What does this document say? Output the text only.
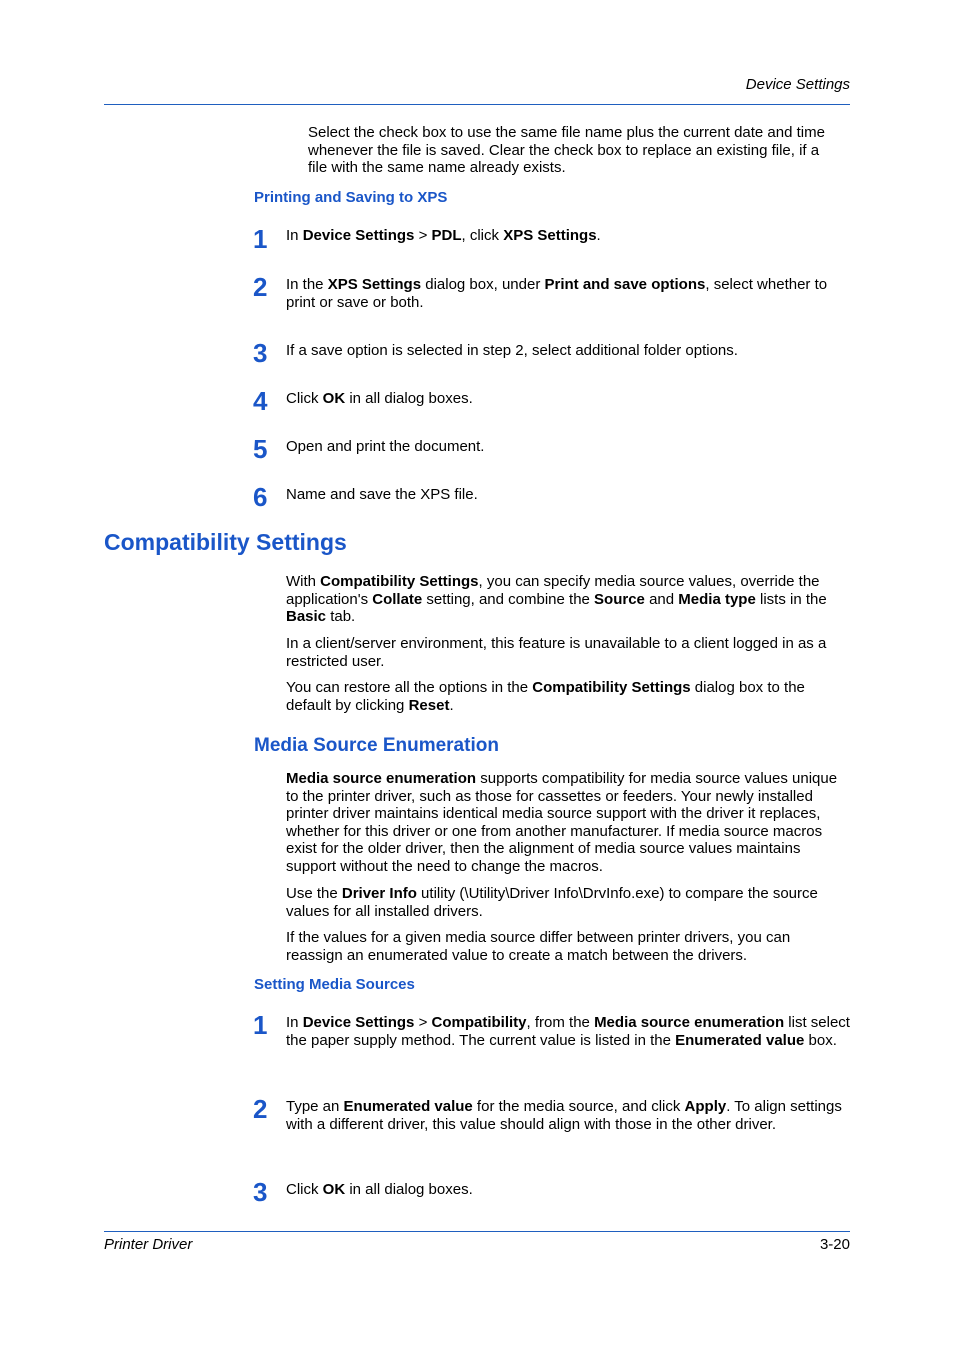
Device Settings
Select the check box to use the same file name plus the current date and time whenever the file is saved. Clear the check box to replace an existing file, if a file with the same name already exists.
Printing and Saving to XPS
1 In Device Settings > PDL, click XPS Settings.
2 In the XPS Settings dialog box, under Print and save options, select whether to print or save or both.
3 If a save option is selected in step 2, select additional folder options.
4 Click OK in all dialog boxes.
5 Open and print the document.
6 Name and save the XPS file.
Compatibility Settings
With Compatibility Settings, you can specify media source values, override the application's Collate setting, and combine the Source and Media type lists in the Basic tab.
In a client/server environment, this feature is unavailable to a client logged in as a restricted user.
You can restore all the options in the Compatibility Settings dialog box to the default by clicking Reset.
Media Source Enumeration
Media source enumeration supports compatibility for media source values unique to the printer driver, such as those for cassettes or feeders. Your newly installed printer driver maintains identical media source support with the driver it replaces, whether for this driver or one from another manufacturer. If media source macros exist for the older driver, then the alignment of media source values maintains support without the need to change the macros.
Use the Driver Info utility (\Utility\Driver Info\DrvInfo.exe) to compare the source values for all installed drivers.
If the values for a given media source differ between printer drivers, you can reassign an enumerated value to create a match between the drivers.
Setting Media Sources
1 In Device Settings > Compatibility, from the Media source enumeration list select the paper supply method. The current value is listed in the Enumerated value box.
2 Type an Enumerated value for the media source, and click Apply. To align settings with a different driver, this value should align with those in the other driver.
3 Click OK in all dialog boxes.
Printer Driver	3-20
